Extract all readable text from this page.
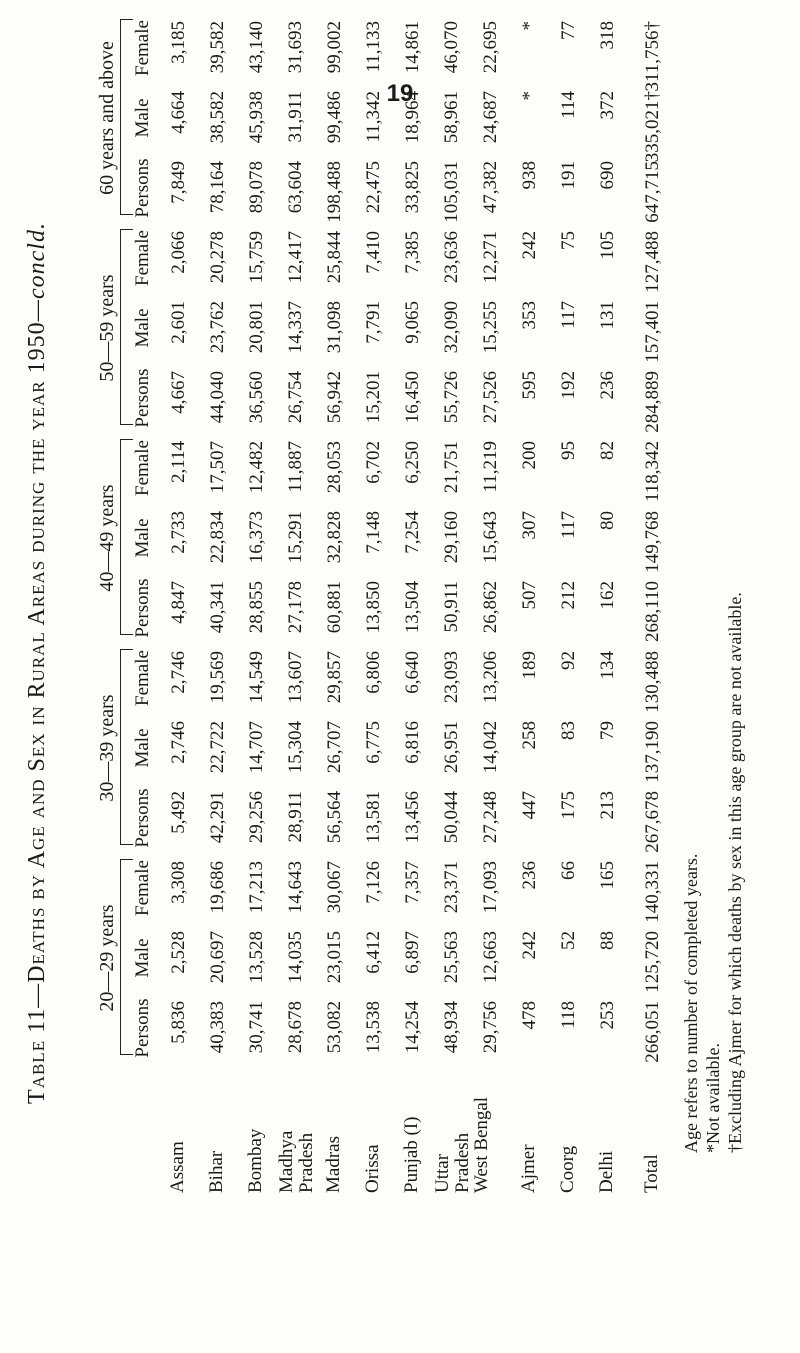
19
Table 11—Deaths by Age and Sex in Rural Areas during the year 1950—concld.
20—29 years
30—39 years
40—49 years
50—59 years
60 years and above
Persons
Male
Female
Persons
Male
Female
Persons
Male
Female
Persons
Male
Female
Persons
Male
Female
Assam
5,836
2,528
3,308
5,492
2,746
2,746
4,847
2,733
2,114
4,667
2,601
2,066
7,849
4,664
3,185
Bihar
40,383
20,697
19,686
42,291
22,722
19,569
40,341
22,834
17,507
44,040
23,762
20,278
78,164
38,582
39,582
Bombay
30,741
13,528
17,213
29,256
14,707
14,549
28,855
16,373
12,482
36,560
20,801
15,759
89,078
45,938
43,140
Madhya Pradesh
28,678
14,035
14,643
28,911
15,304
13,607
27,178
15,291
11,887
26,754
14,337
12,417
63,604
31,911
31,693
Madras
53,082
23,015
30,067
56,564
26,707
29,857
60,881
32,828
28,053
56,942
31,098
25,844
198,488
99,486
99,002
Orissa
13,538
6,412
7,126
13,581
6,775
6,806
13,850
7,148
6,702
15,201
7,791
7,410
22,475
11,342
11,133
Punjab (I)
14,254
6,897
7,357
13,456
6,816
6,640
13,504
7,254
6,250
16,450
9,065
7,385
33,825
18,964
14,861
Uttar Pradesh
48,934
25,563
23,371
50,044
26,951
23,093
50,911
29,160
21,751
55,726
32,090
23,636
105,031
58,961
46,070
West Bengal
29,756
12,663
17,093
27,248
14,042
13,206
26,862
15,643
11,219
27,526
15,255
12,271
47,382
24,687
22,695
Ajmer
478
242
236
447
258
189
507
307
200
595
353
242
938
*
*
Coorg
118
52
66
175
83
92
212
117
95
192
117
75
191
114
77
Delhi
253
88
165
213
79
134
162
80
82
236
131
105
690
372
318
Total
266,051
125,720
140,331
267,678
137,190
130,488
268,110
149,768
118,342
284,889
157,401
127,488
647,715
335,021†
311,756†
Age refers to number of completed years. *Not available. †Excluding Ajmer for which deaths by sex in this age group are not available.
